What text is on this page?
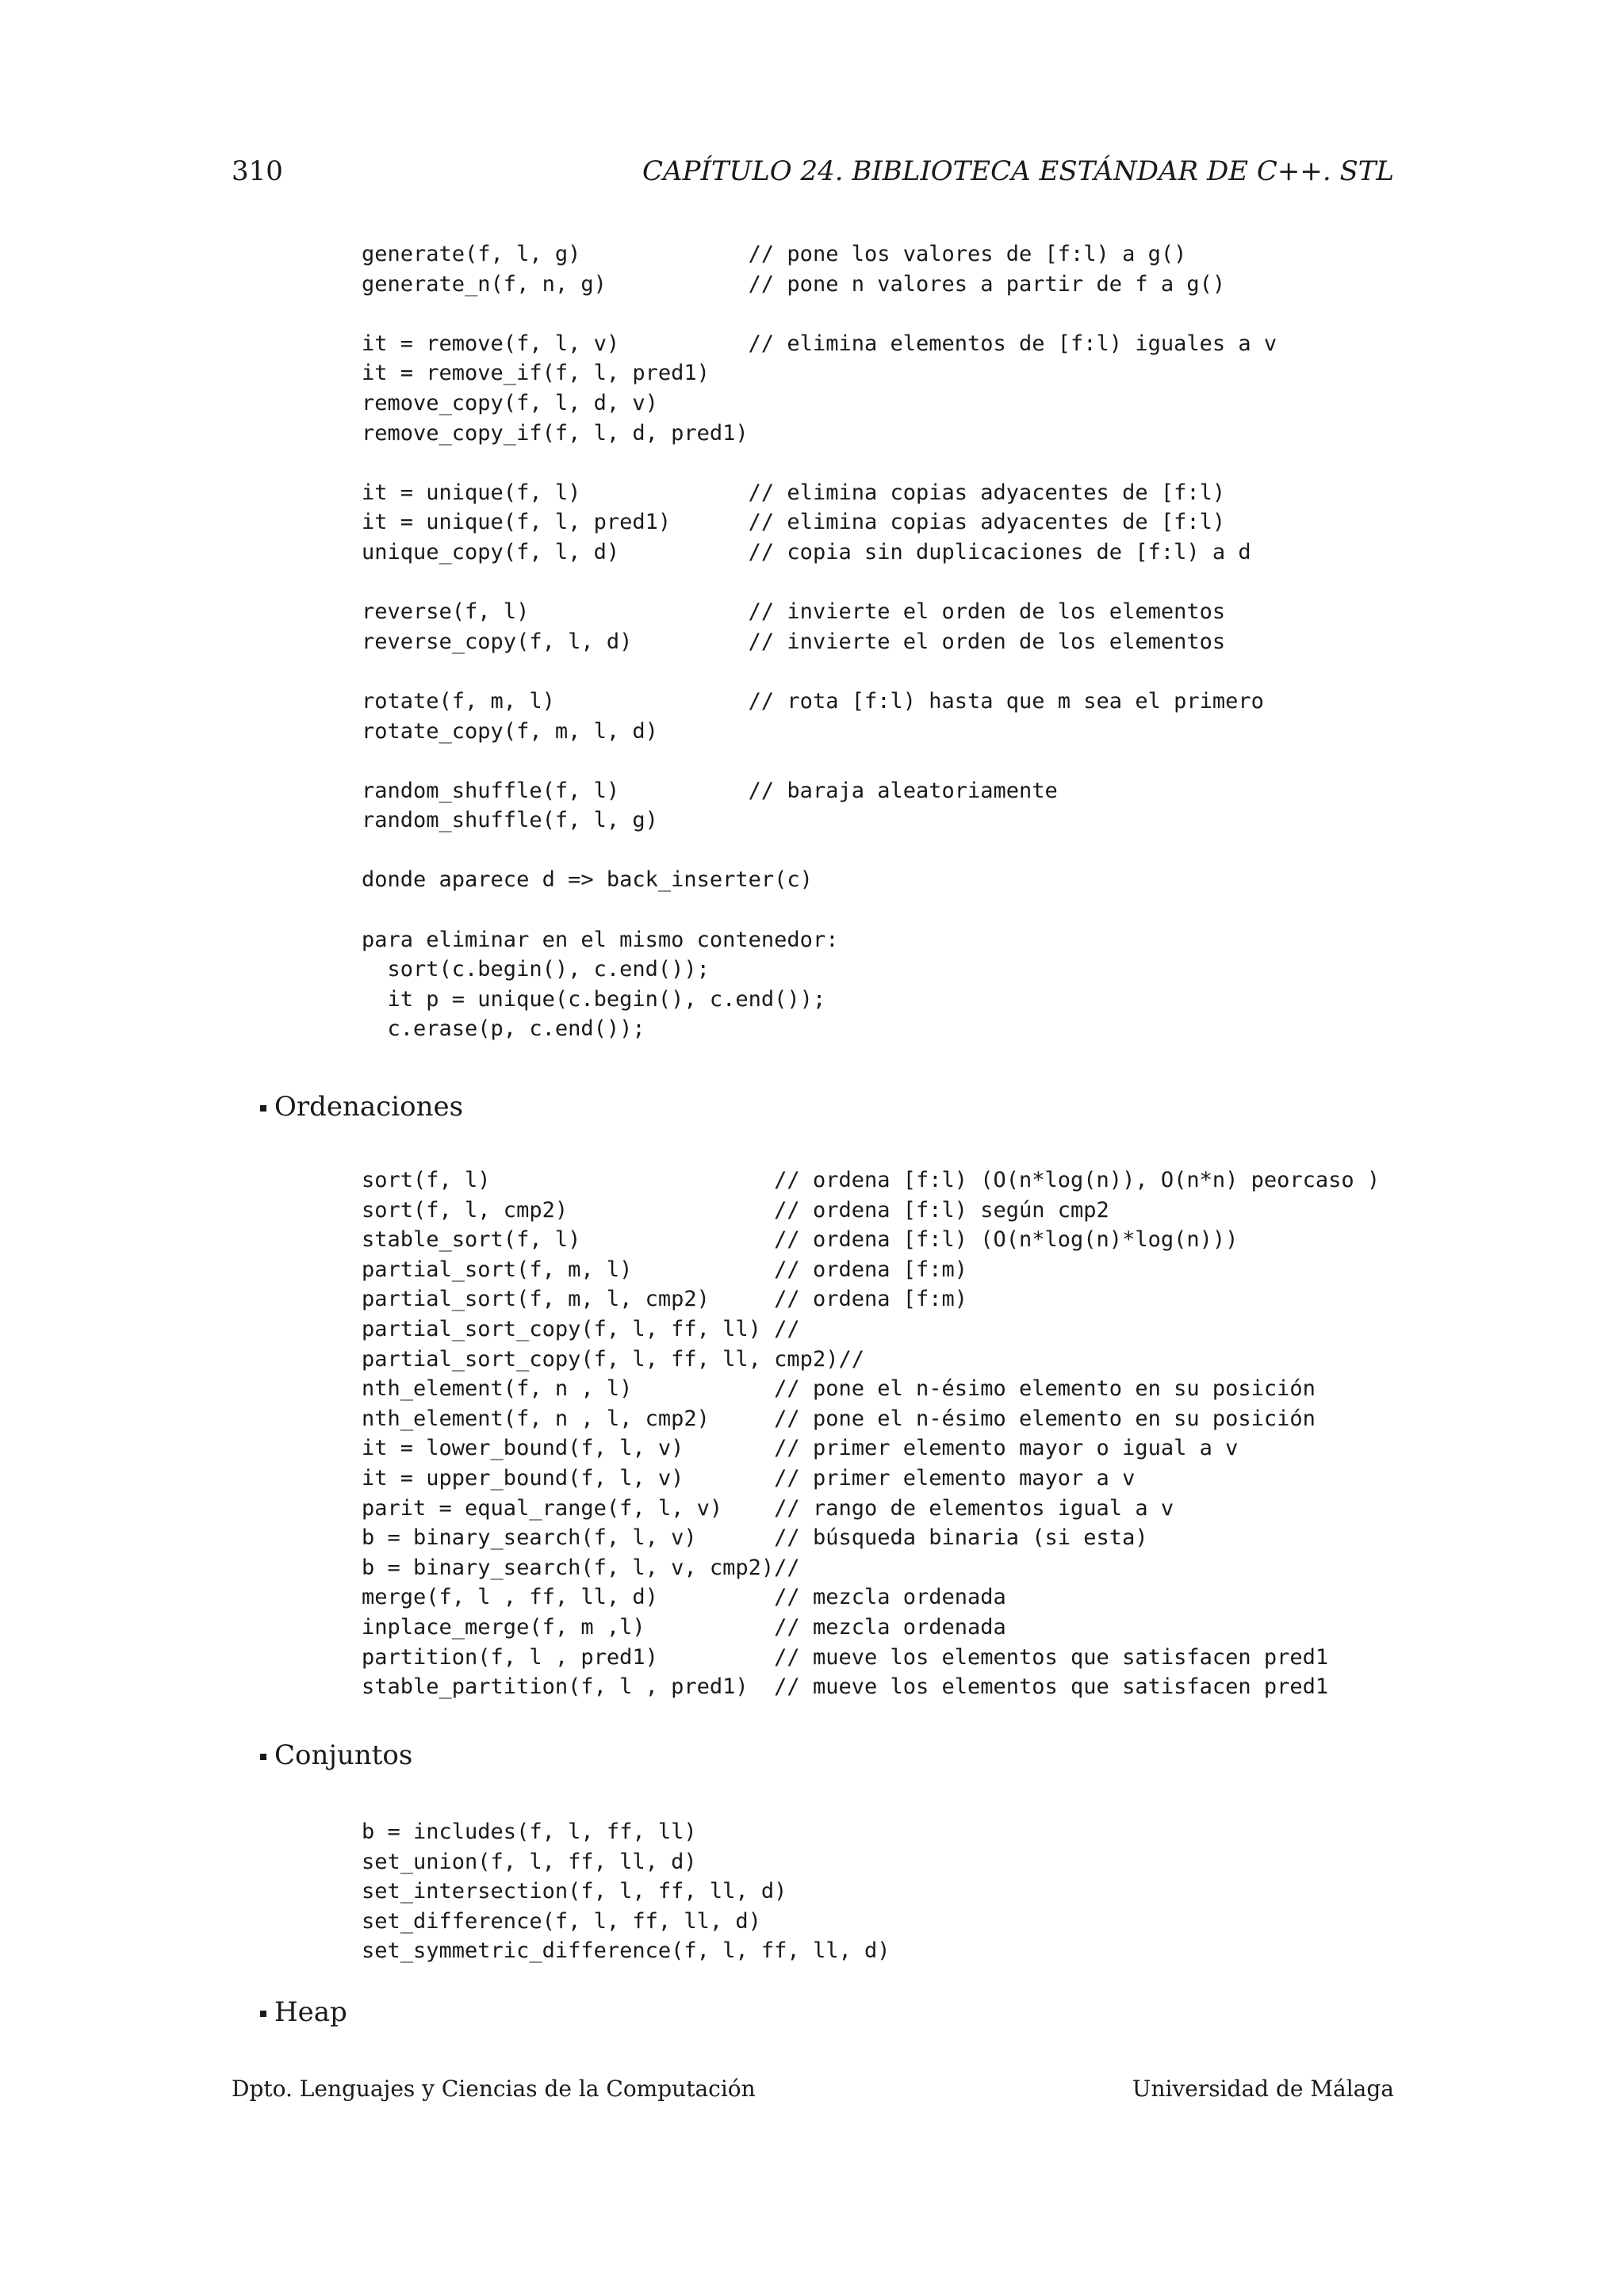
310	CAPÍTULO 24. BIBLIOTECA ESTÁNDAR DE C++. STL
generate(f, l, g)             // pone los valores de [f:l) a g()
generate_n(f, n, g)           // pone n valores a partir de f a g()

it = remove(f, l, v)          // elimina elementos de [f:l) iguales a v
it = remove_if(f, l, pred1)
remove_copy(f, l, d, v)
remove_copy_if(f, l, d, pred1)

it = unique(f, l)             // elimina copias adyacentes de [f:l)
it = unique(f, l, pred1)      // elimina copias adyacentes de [f:l)
unique_copy(f, l, d)          // copia sin duplicaciones de [f:l) a d

reverse(f, l)                 // invierte el orden de los elementos
reverse_copy(f, l, d)         // invierte el orden de los elementos

rotate(f, m, l)               // rota [f:l) hasta que m sea el primero
rotate_copy(f, m, l, d)

random_shuffle(f, l)          // baraja aleatoriamente
random_shuffle(f, l, g)

donde aparece d => back_inserter(c)

para eliminar en el mismo contenedor:
sort(c.begin(), c.end());
it p = unique(c.begin(), c.end());
c.erase(p, c.end());
Ordenaciones
sort(f, l)                      // ordena [f:l) (O(n*log(n)), O(n*n) peorcaso )
sort(f, l, cmp2)                // ordena [f:l) según cmp2
stable_sort(f, l)               // ordena [f:l) (O(n*log(n)*log(n)))
partial_sort(f, m, l)           // ordena [f:m)
partial_sort(f, m, l, cmp2)     // ordena [f:m)
partial_sort_copy(f, l, ff, ll) //
partial_sort_copy(f, l, ff, ll, cmp2)//
nth_element(f, n , l)           // pone el n-ésimo elemento en su posición
nth_element(f, n , l, cmp2)     // pone el n-ésimo elemento en su posición
it = lower_bound(f, l, v)       // primer elemento mayor o igual a v
it = upper_bound(f, l, v)       // primer elemento mayor a v
parit = equal_range(f, l, v)    // rango de elementos igual a v
b = binary_search(f, l, v)      // búsqueda binaria (si esta)
b = binary_search(f, l, v, cmp2)//
merge(f, l , ff, ll, d)         // mezcla ordenada
inplace_merge(f, m ,l)          // mezcla ordenada
partition(f, l , pred1)         // mueve los elementos que satisfacen pred1
stable_partition(f, l , pred1)  // mueve los elementos que satisfacen pred1
Conjuntos
b = includes(f, l, ff, ll)
set_union(f, l, ff, ll, d)
set_intersection(f, l, ff, ll, d)
set_difference(f, l, ff, ll, d)
set_symmetric_difference(f, l, ff, ll, d)
Heap
Dpto. Lenguajes y Ciencias de la Computación	Universidad de Málaga
